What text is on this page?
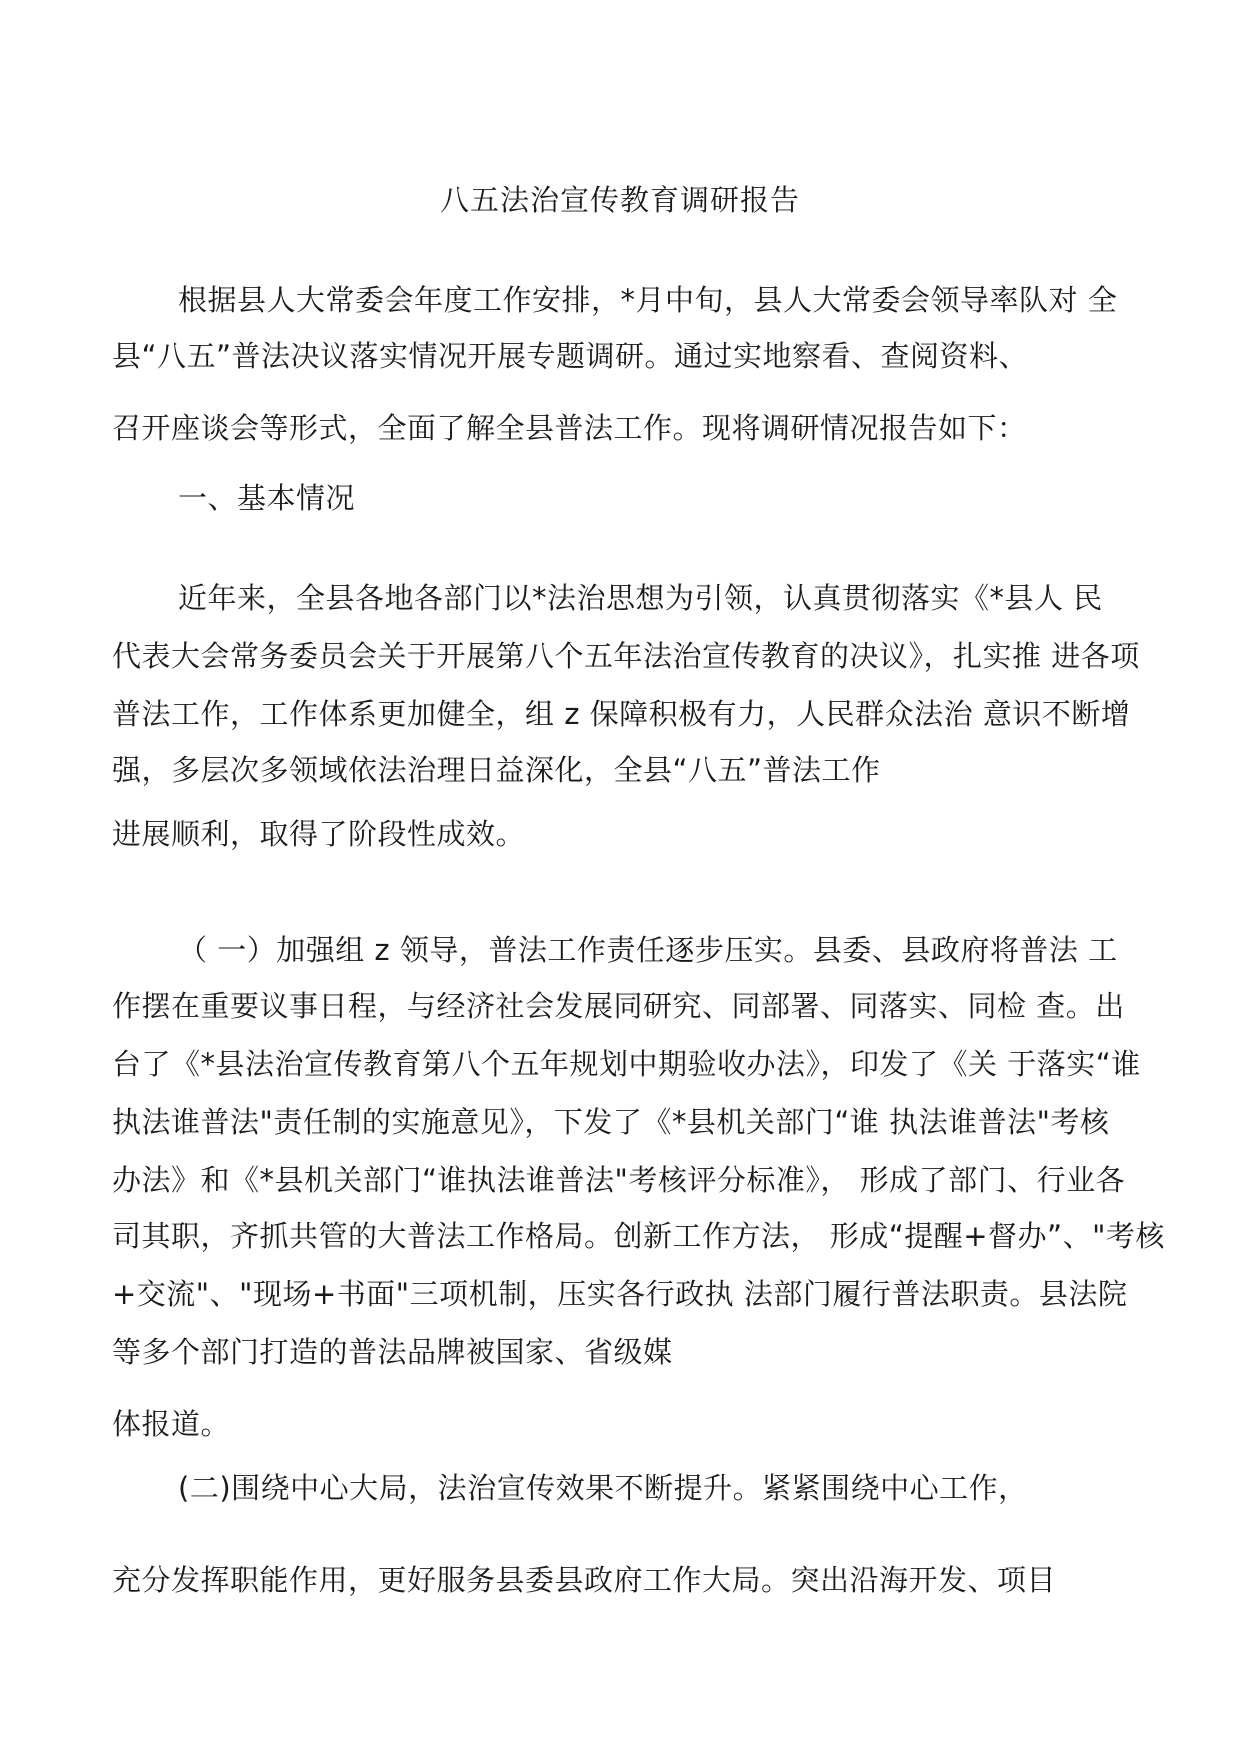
八五法治宣传教育调研报告
根据县人大常委会年度工作安排，*月中旬，县人大常委会领导率队对 全
县“八五”普法决议落实情况开展专题调研。通过实地察看、查阅资料、
召开座谈会等形式，全面了解全县普法工作。现将调研情况报告如下：
一、基本情况
近年来，全县各地各部门以*法治思想为引领，认真贯彻落实《*县人 民
代表大会常务委员会关于开展第八个五年法治宣传教育的决议》，扎实推 进各项
普法工作，工作体系更加健全，组 z 保障积极有力，人民群众法治 意识不断增
强，多层次多领域依法治理日益深化，全县“八五”普法工作
进展顺利，取得了阶段性成效。
（ 一）加强组 z 领导，普法工作责任逐步压实。县委、县政府将普法 工
作摆在重要议事日程，与经济社会发展同研究、同部署、同落实、同检 查。出
台了《*县法治宣传教育第八个五年规划中期验收办法》，印发了《关 于落实“谁
执法谁普法"责任制的实施意见》，下发了《*县机关部门“谁 执法谁普法"考核
办法》和《*县机关部门“谁执法谁普法"考核评分标准》， 形成了部门、行业各
司其职，齐抓共管的大普法工作格局。创新工作方法， 形成“提醒+督办”、"考核
+交流"、"现场+书面"三项机制，压实各行政执 法部门履行普法职责。县法院
等多个部门打造的普法品牌被国家、省级媒
体报道。
(二)围绕中心大局，法治宣传效果不断提升。紧紧围绕中心工作，
充分发挥职能作用，更好服务县委县政府工作大局。突出沿海开发、项目
